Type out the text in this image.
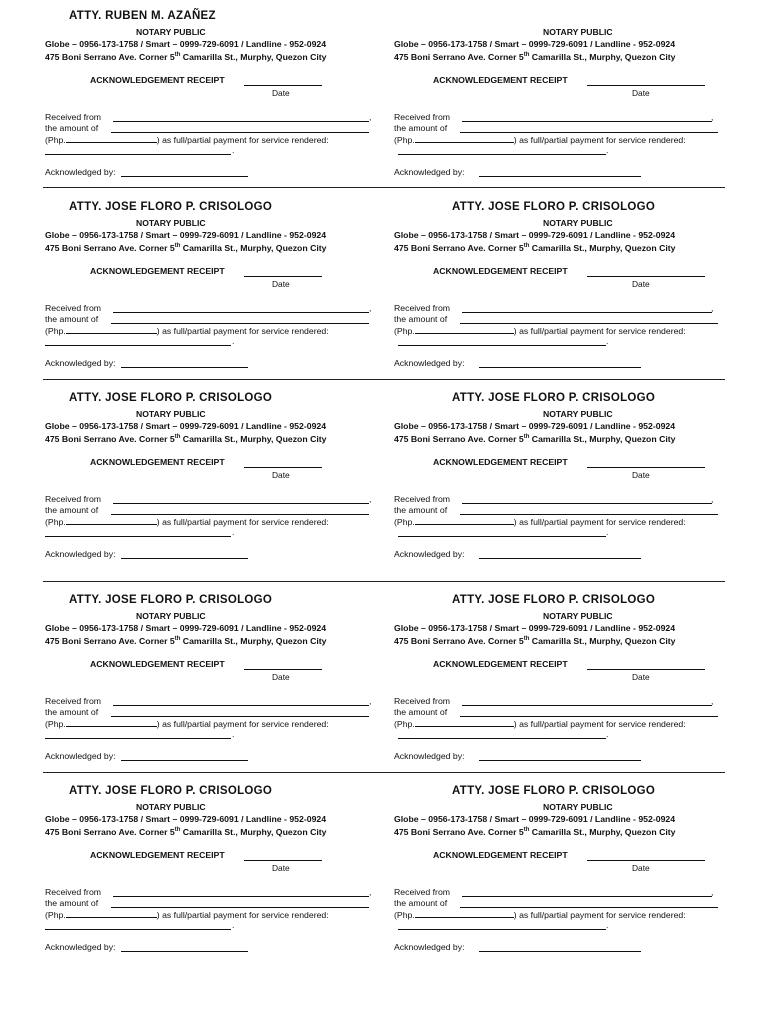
ATTY. RUBEN M. AZAÑEZ
NOTARY PUBLIC
Globe – 0956-173-1758 / Smart – 0999-729-6091 / Landline - 952-0924
475 Boni Serrano Ave. Corner 5th Camarilla St., Murphy, Quezon City
ACKNOWLEDGEMENT RECEIPT
Date
Received from	,
the amount of
(Php.	) as full/partial payment for service rendered:
.
Acknowledged by:
NOTARY PUBLIC
Globe – 0956-173-1758 / Smart – 0999-729-6091 / Landline - 952-0924
475 Boni Serrano Ave. Corner 5th Camarilla St., Murphy, Quezon City
ACKNOWLEDGEMENT RECEIPT
Date
Received from	,
the amount of
(Php.	) as full/partial payment for service rendered:
.
Acknowledged by:
ATTY. JOSE FLORO P. CRISOLOGO
NOTARY PUBLIC
Globe – 0956-173-1758 / Smart – 0999-729-6091 / Landline - 952-0924
475 Boni Serrano Ave. Corner 5th Camarilla St., Murphy, Quezon City
ACKNOWLEDGEMENT RECEIPT
Date
Received from	,
the amount of
(Php.	) as full/partial payment for service rendered:
.
Acknowledged by:
ATTY. JOSE FLORO P. CRISOLOGO
NOTARY PUBLIC
Globe – 0956-173-1758 / Smart – 0999-729-6091 / Landline - 952-0924
475 Boni Serrano Ave. Corner 5th Camarilla St., Murphy, Quezon City
ACKNOWLEDGEMENT RECEIPT
Date
Received from	,
the amount of
(Php.	) as full/partial payment for service rendered:
.
Acknowledged by:
ATTY. JOSE FLORO P. CRISOLOGO
NOTARY PUBLIC
Globe – 0956-173-1758 / Smart – 0999-729-6091 / Landline - 952-0924
475 Boni Serrano Ave. Corner 5th Camarilla St., Murphy, Quezon City
ACKNOWLEDGEMENT RECEIPT
Date
Received from	,
the amount of
(Php.	) as full/partial payment for service rendered:
.
Acknowledged by:
ATTY. JOSE FLORO P. CRISOLOGO
NOTARY PUBLIC
Globe – 0956-173-1758 / Smart – 0999-729-6091 / Landline - 952-0924
475 Boni Serrano Ave. Corner 5th Camarilla St., Murphy, Quezon City
ACKNOWLEDGEMENT RECEIPT
Date
Received from	,
the amount of
(Php.	) as full/partial payment for service rendered:
.
Acknowledged by:
ATTY. JOSE FLORO P. CRISOLOGO
NOTARY PUBLIC
Globe – 0956-173-1758 / Smart – 0999-729-6091 / Landline - 952-0924
475 Boni Serrano Ave. Corner 5th Camarilla St., Murphy, Quezon City
ACKNOWLEDGEMENT RECEIPT
Date
Received from	,
the amount of
(Php.	) as full/partial payment for service rendered:
.
Acknowledged by:
ATTY. JOSE FLORO P. CRISOLOGO
NOTARY PUBLIC
Globe – 0956-173-1758 / Smart – 0999-729-6091 / Landline - 952-0924
475 Boni Serrano Ave. Corner 5th Camarilla St., Murphy, Quezon City
ACKNOWLEDGEMENT RECEIPT
Date
Received from	,
the amount of
(Php.	) as full/partial payment for service rendered:
.
Acknowledged by:
ATTY. JOSE FLORO P. CRISOLOGO
NOTARY PUBLIC
Globe – 0956-173-1758 / Smart – 0999-729-6091 / Landline - 952-0924
475 Boni Serrano Ave. Corner 5th Camarilla St., Murphy, Quezon City
ACKNOWLEDGEMENT RECEIPT
Date
Received from	,
the amount of
(Php.	) as full/partial payment for service rendered:
.
Acknowledged by:
ATTY. JOSE FLORO P. CRISOLOGO
NOTARY PUBLIC
Globe – 0956-173-1758 / Smart – 0999-729-6091 / Landline - 952-0924
475 Boni Serrano Ave. Corner 5th Camarilla St., Murphy, Quezon City
ACKNOWLEDGEMENT RECEIPT
Date
Received from	,
the amount of
(Php.	) as full/partial payment for service rendered:
.
Acknowledged by:
